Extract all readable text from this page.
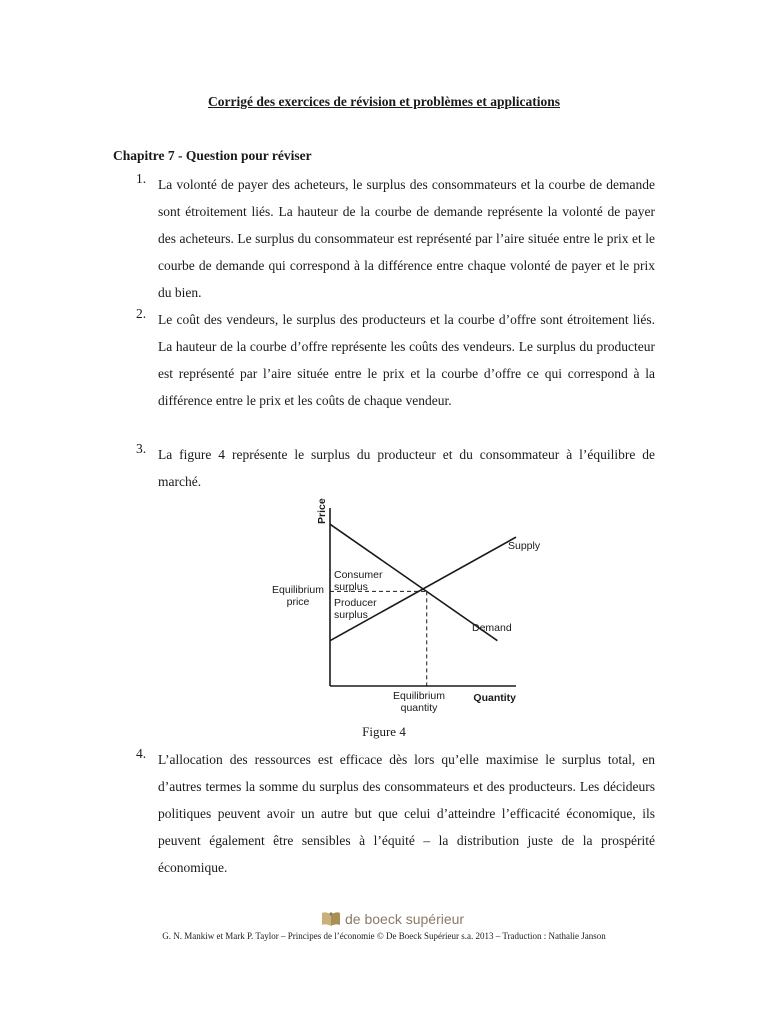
Corrigé des exercices de révision et problèmes et applications
Chapitre 7 - Question pour réviser
1. La volonté de payer des acheteurs, le surplus des consommateurs et la courbe de demande sont étroitement liés. La hauteur de la courbe de demande représente la volonté de payer des acheteurs. Le surplus du consommateur est représenté par l’aire située entre le prix et le courbe de demande qui correspond à la différence entre chaque volonté de payer et le prix du bien.
2. Le coût des vendeurs, le surplus des producteurs et la courbe d’offre sont étroitement liés. La hauteur de la courbe d’offre représente les coûts des vendeurs. Le surplus du producteur est représenté par l’aire située entre le prix et la courbe d’offre ce qui correspond à la différence entre le prix et les coûts de chaque vendeur.
3. La figure 4 représente le surplus du producteur et du consommateur à l’équilibre de marché.
Price
Quantity
Supply
Demand
Consumer
surplus
Producer
surplus
Equilibrium
price
Equilibrium
quantity
Figure 4
4. L’allocation des ressources est efficace dès lors qu’elle maximise le surplus total, en d’autres termes la somme du surplus des consommateurs et des producteurs. Les décideurs politiques peuvent avoir un autre but que celui d’atteindre l’efficacité économique, ils peuvent également être sensibles à l’équité – la distribution juste de la prospérité économique.
de boeck supérieur
G. N. Mankiw et Mark P. Taylor – Principes de l’économie © De Boeck Supérieur s.a. 2013 – Traduction : Nathalie Janson
